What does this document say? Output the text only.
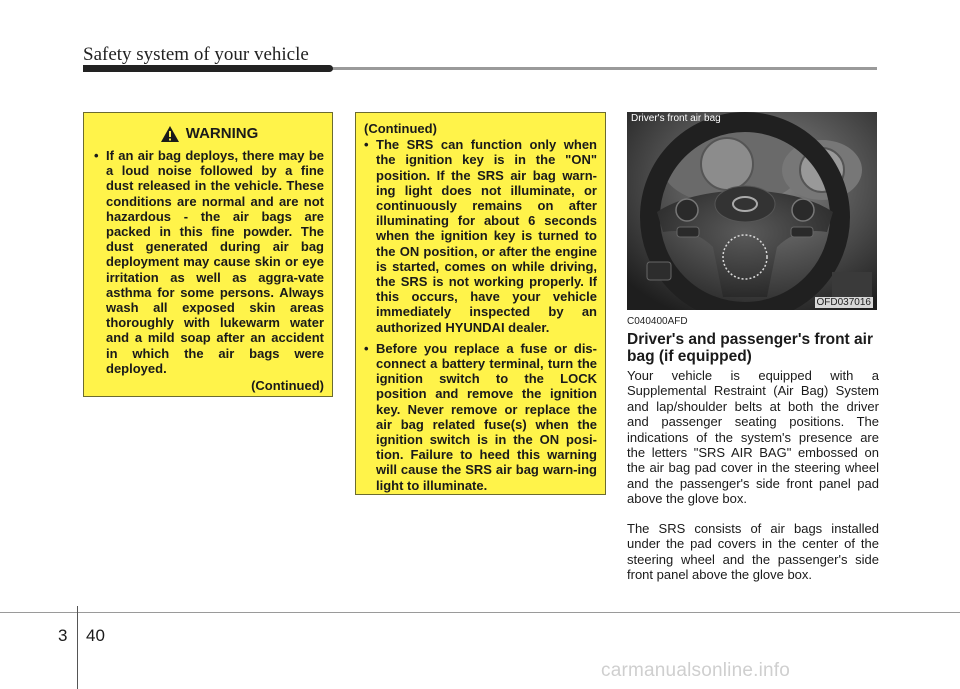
Safety system of your vehicle
WARNING
• If an air bag deploys, there may be a loud noise followed by a fine dust released in the vehicle. These conditions are normal and are not hazardous - the air bags are packed in this fine powder. The dust generated during air bag deployment may cause skin or eye irritation as well as aggra-vate asthma for some persons. Always wash all exposed skin areas thoroughly with lukewarm water and a mild soap after an accident in which the air bags were deployed.
(Continued)
(Continued)
• The SRS can function only when the ignition key is in the "ON" position. If the SRS air bag warn-ing light does not illuminate, or continuously remains on after illuminating for about 6 seconds when the ignition key is turned to the ON position, or after the engine is started, comes on while driving, the SRS is not working properly. If this occurs, have your vehicle immediately inspected by an authorized HYUNDAI dealer.
• Before you replace a fuse or dis-connect a battery terminal, turn the ignition switch to the LOCK position and remove the ignition key. Never remove or replace the air bag related fuse(s) when the ignition switch is in the ON posi-tion. Failure to heed this warning will cause the SRS air bag warn-ing light to illuminate.
Driver's front air bag
OFD037016
C040400AFD
Driver's and passenger's front air bag (if equipped)
Your vehicle is equipped with a Supplemental Restraint (Air Bag) System and lap/shoulder belts at both the driver and passenger seating positions. The indications of the system's presence are the letters "SRS AIR BAG" embossed on the air bag pad cover in the steering wheel and the passenger's side front panel pad above the glove box.
The SRS consists of air bags installed under the pad covers in the center of the steering wheel and the passenger's side front panel above the glove box.
3 40
carmanualsonline.info
